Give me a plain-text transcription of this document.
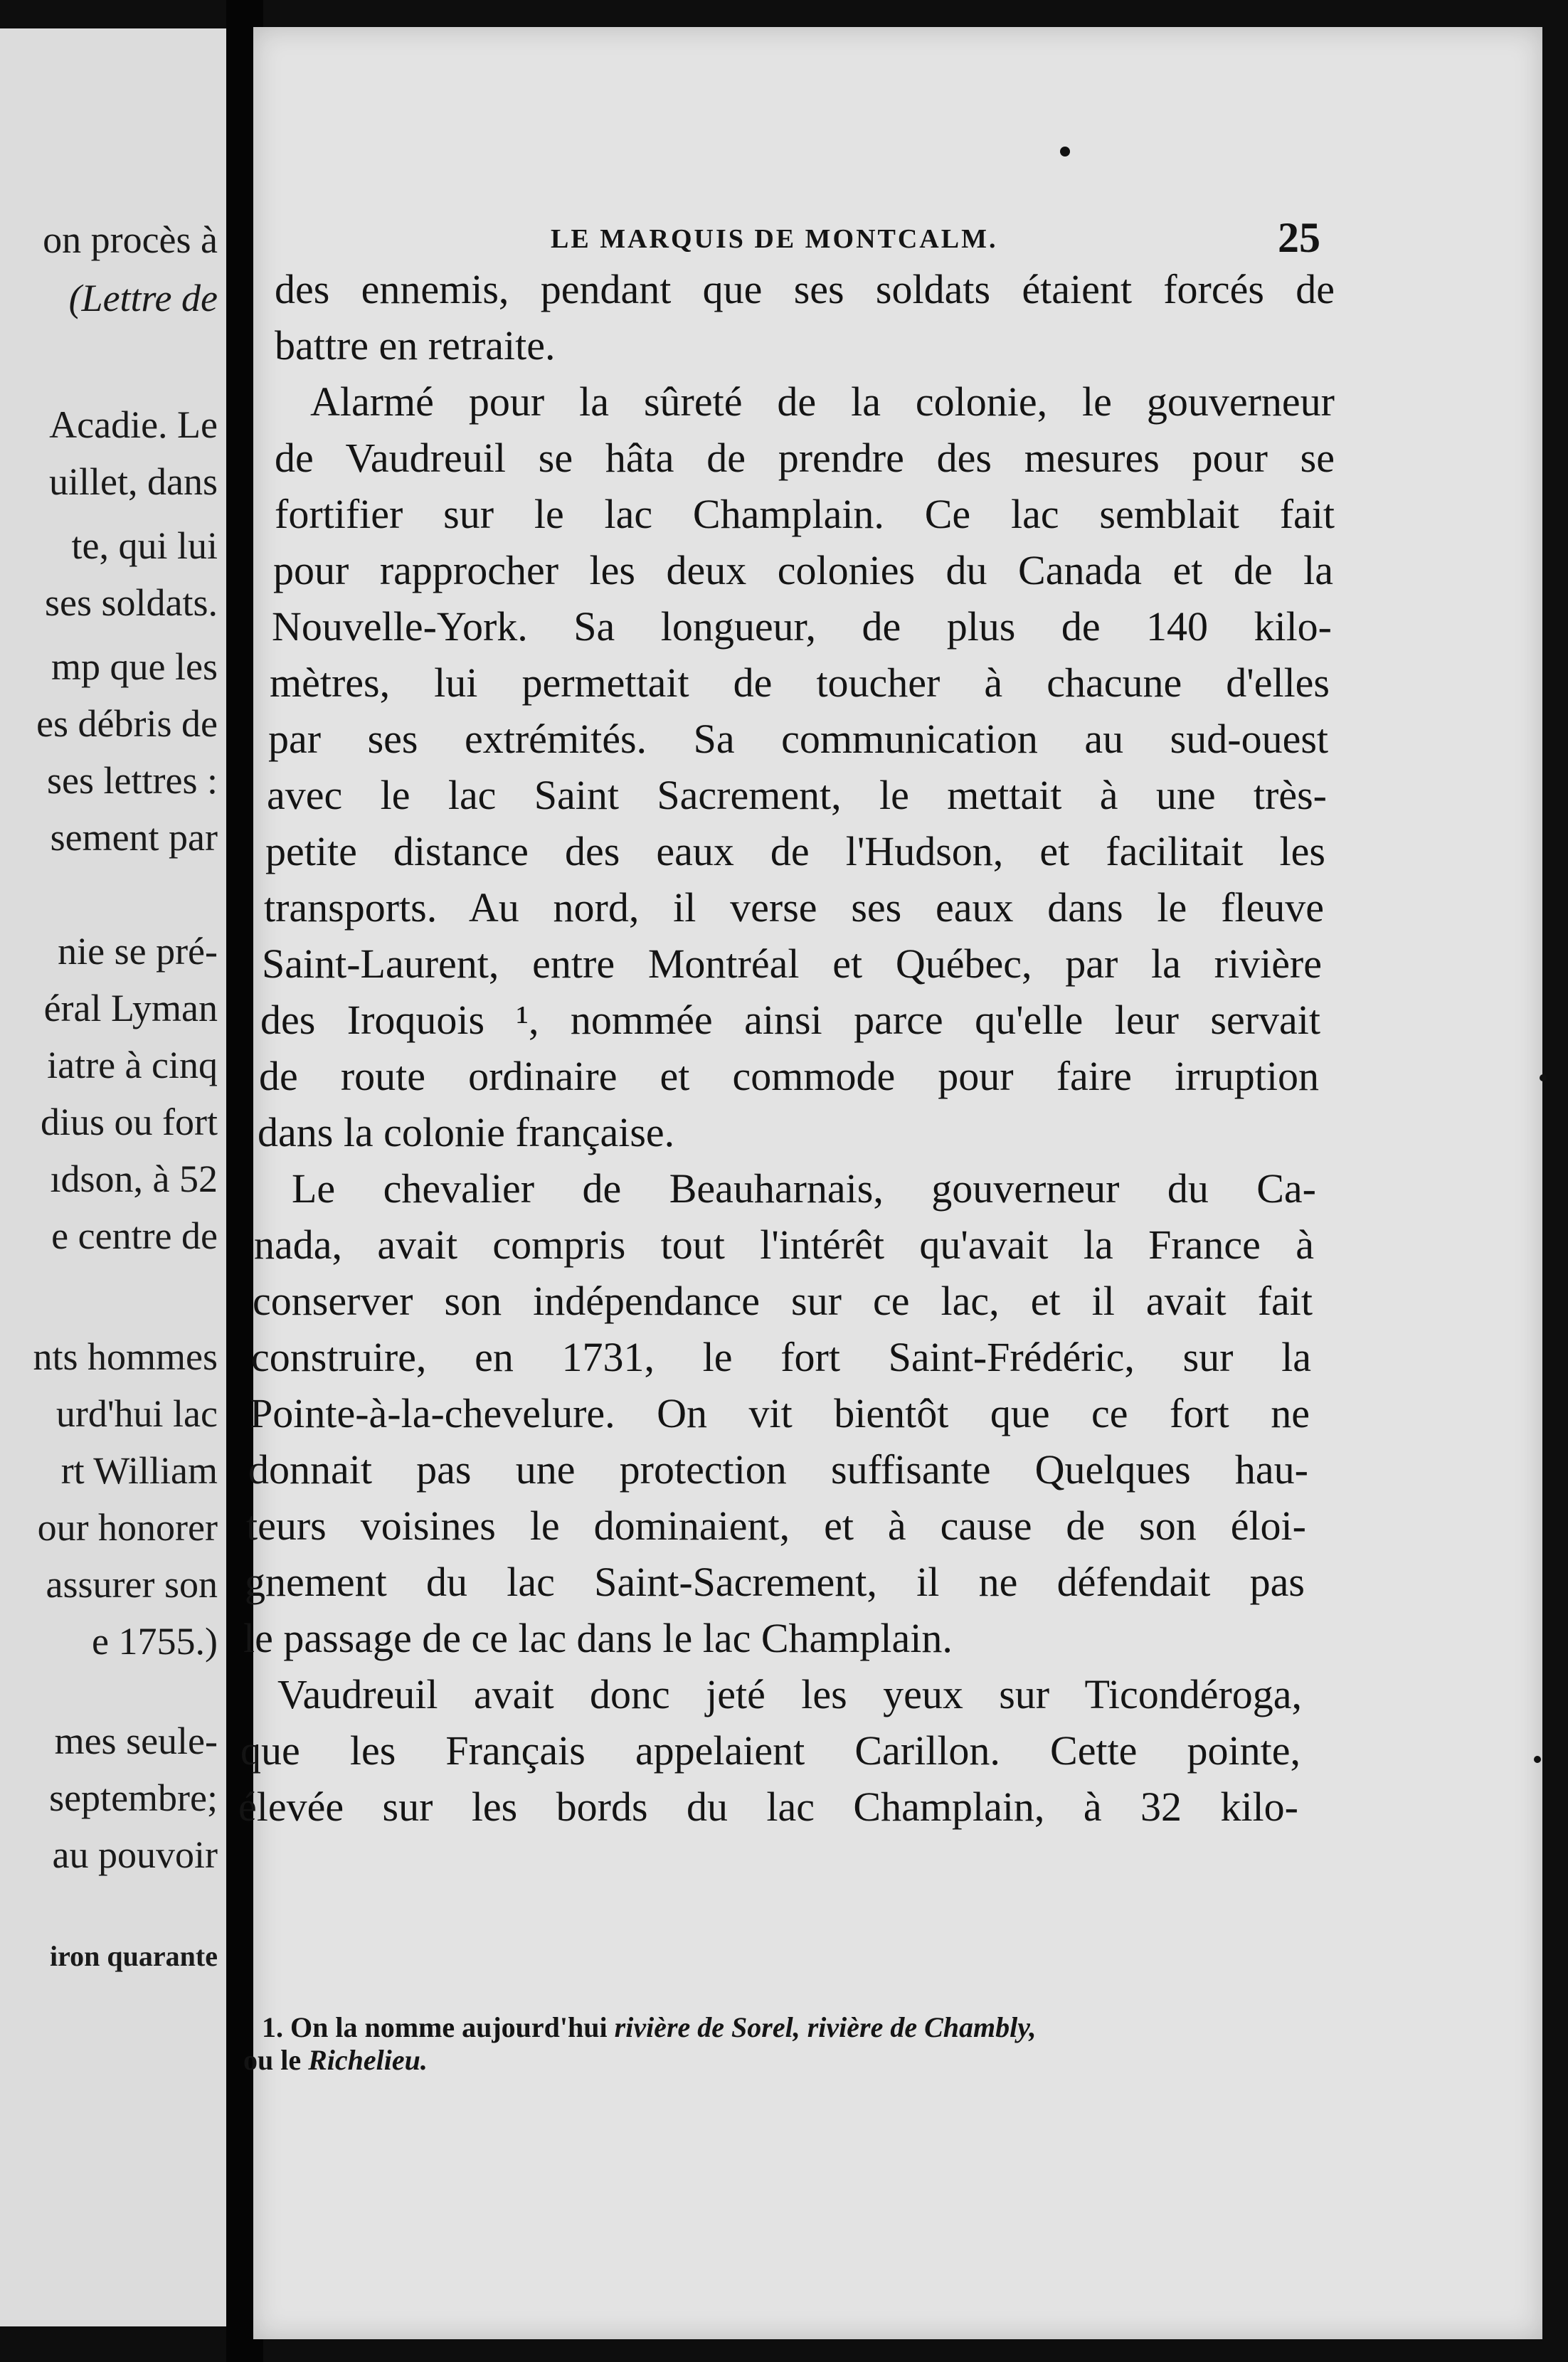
on procès à
(Lettre de
Acadie. Le
uillet, dans
te, qui lui
ses soldats.
mp que les
es débris de
ses lettres :
sement par
nie se pré-
éral Lyman
iatre à cinq
dius ou fort
ıdson, à 52
e centre de
nts hommes
urd'hui lac
rt William
our honorer
assurer son
e 1755.)
mes seule-
septembre;
au pouvoir
iron quarante
LE MARQUIS DE MONTCALM.	25
des ennemis, pendant que ses soldats étaient forcés de
battre en retraite.
Alarmé pour la sûreté de la colonie, le gouverneur
de Vaudreuil se hâta de prendre des mesures pour se
fortifier sur le lac Champlain. Ce lac semblait fait
pour rapprocher les deux colonies du Canada et de la
Nouvelle-York. Sa longueur, de plus de 140 kilo-
mètres, lui permettait de toucher à chacune d'elles
par ses extrémités. Sa communication au sud-ouest
avec le lac Saint Sacrement, le mettait à une très-
petite distance des eaux de l'Hudson, et facilitait les
transports. Au nord, il verse ses eaux dans le fleuve
Saint-Laurent, entre Montréal et Québec, par la rivière
des Iroquois ¹, nommée ainsi parce qu'elle leur servait
de route ordinaire et commode pour faire irruption
dans la colonie française.
Le chevalier de Beauharnais, gouverneur du Ca-
nada, avait compris tout l'intérêt qu'avait la France à
conserver son indépendance sur ce lac, et il avait fait
construire, en 1731, le fort Saint-Frédéric, sur la
Pointe-à-la-chevelure. On vit bientôt que ce fort ne
donnait pas une protection suffisante Quelques hau-
teurs voisines le dominaient, et à cause de son éloi-
gnement du lac Saint-Sacrement, il ne défendait pas
le passage de ce lac dans le lac Champlain.
Vaudreuil avait donc jeté les yeux sur Ticondéroga,
que les Français appelaient Carillon. Cette pointe,
élevée sur les bords du lac Champlain, à 32 kilo-
1. On la nomme aujourd'hui rivière de Sorel, rivière de Chambly,
ou le Richelieu.
